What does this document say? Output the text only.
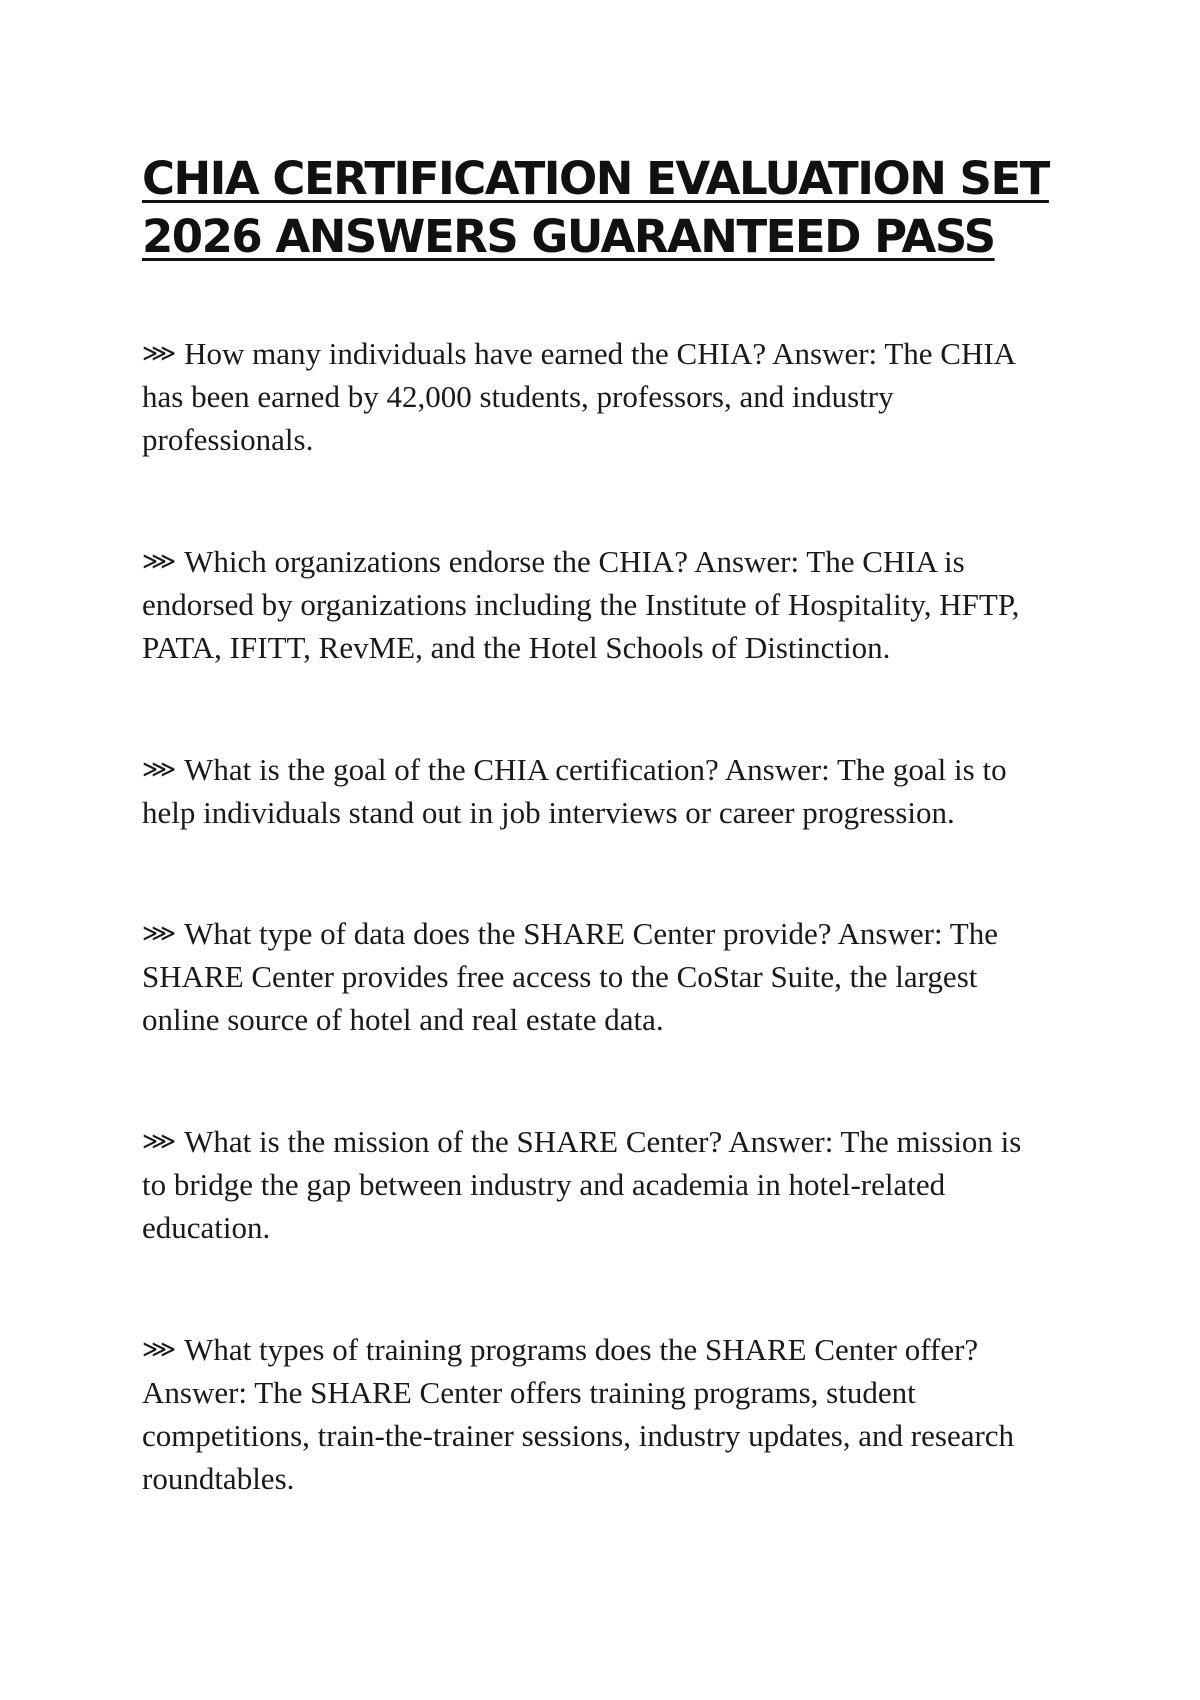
CHIA CERTIFICATION EVALUATION SET
2026 ANSWERS GUARANTEED PASS

⋙ How many individuals have earned the CHIA? Answer: The CHIA has been earned by 42,000 students, professors, and industry professionals.

⋙ Which organizations endorse the CHIA? Answer: The CHIA is endorsed by organizations including the Institute of Hospitality, HFTP, PATA, IFITT, RevME, and the Hotel Schools of Distinction.

⋙ What is the goal of the CHIA certification? Answer: The goal is to help individuals stand out in job interviews or career progression.

⋙ What type of data does the SHARE Center provide? Answer: The SHARE Center provides free access to the CoStar Suite, the largest online source of hotel and real estate data.

⋙ What is the mission of the SHARE Center? Answer: The mission is to bridge the gap between industry and academia in hotel-related education.

⋙ What types of training programs does the SHARE Center offer? Answer: The SHARE Center offers training programs, student competitions, train-the-trainer sessions, industry updates, and research roundtables.
